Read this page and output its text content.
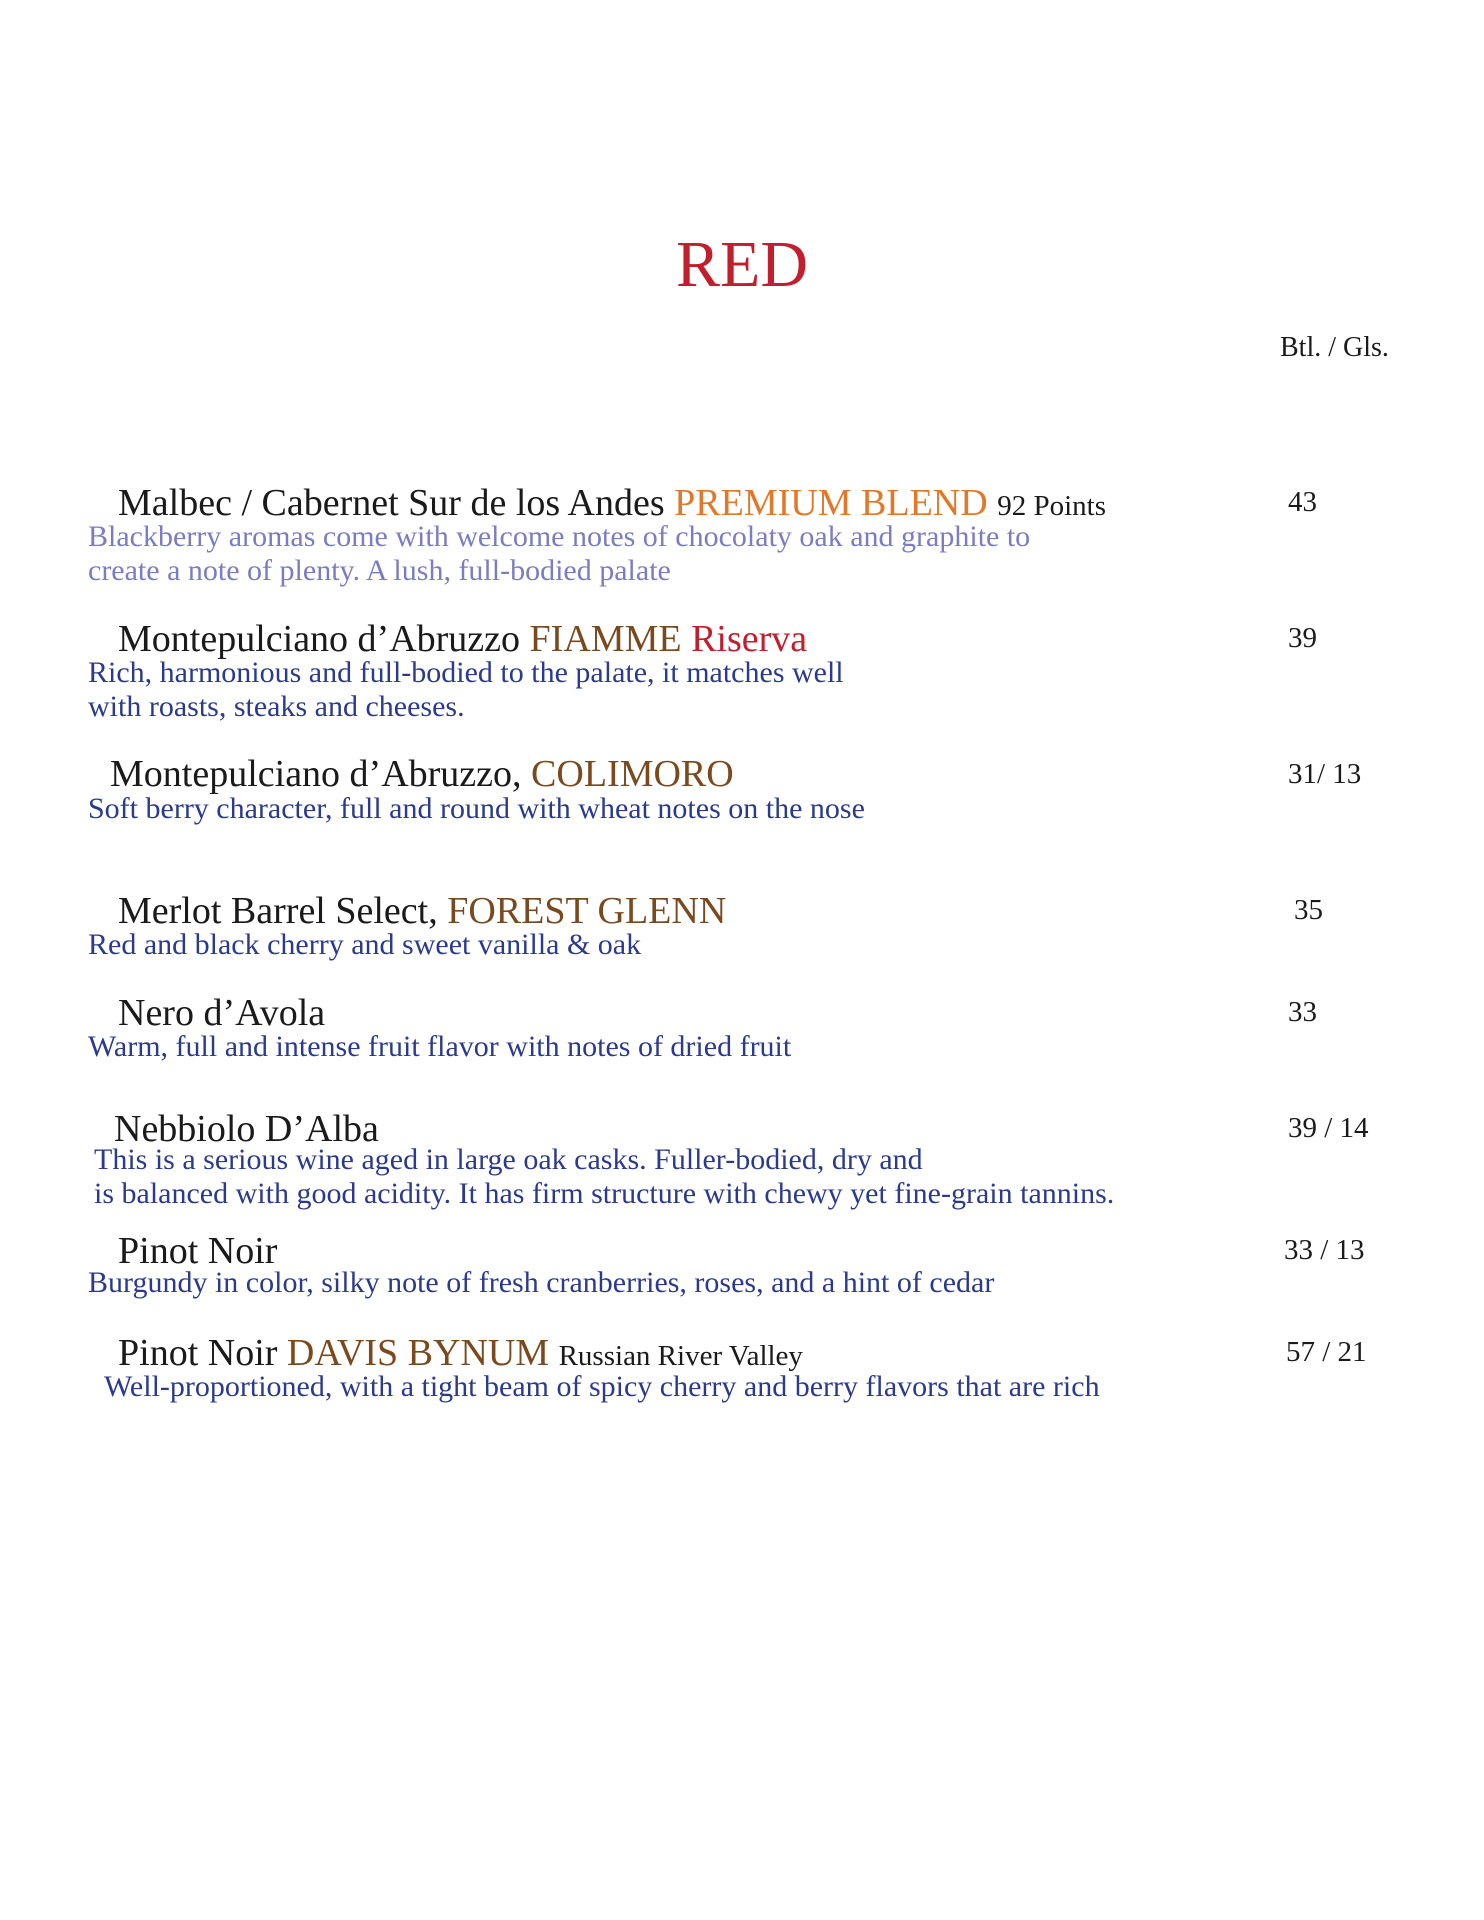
RED
Btl. / Gls.
Malbec / Cabernet Sur de los Andes PREMIUM BLEND 92 Points	43
Blackberry aromas come with welcome notes of chocolaty oak and graphite to
create a note of plenty. A lush, full-bodied palate
Montepulciano d’Abruzzo FIAMME Riserva	39
Rich, harmonious and full-bodied to the palate, it matches well
with roasts, steaks and cheeses.
Montepulciano d’Abruzzo, COLIMORO	31/ 13
Soft berry character, full and round with wheat notes on the nose
Merlot Barrel Select, FOREST GLENN	35
Red and black cherry and sweet vanilla & oak
Nero d’Avola	33
Warm, full and intense fruit flavor with notes of dried fruit
Nebbiolo D’Alba	39 / 14
This is a serious wine aged in large oak casks. Fuller-bodied, dry and
is balanced with good acidity. It has firm structure with chewy yet fine-grain tannins.
Pinot Noir	33 / 13
Burgundy in color, silky note of fresh cranberries, roses, and a hint of cedar
Pinot Noir DAVIS BYNUM Russian River Valley	57 / 21
Well-proportioned, with a tight beam of spicy cherry and berry flavors that are rich
